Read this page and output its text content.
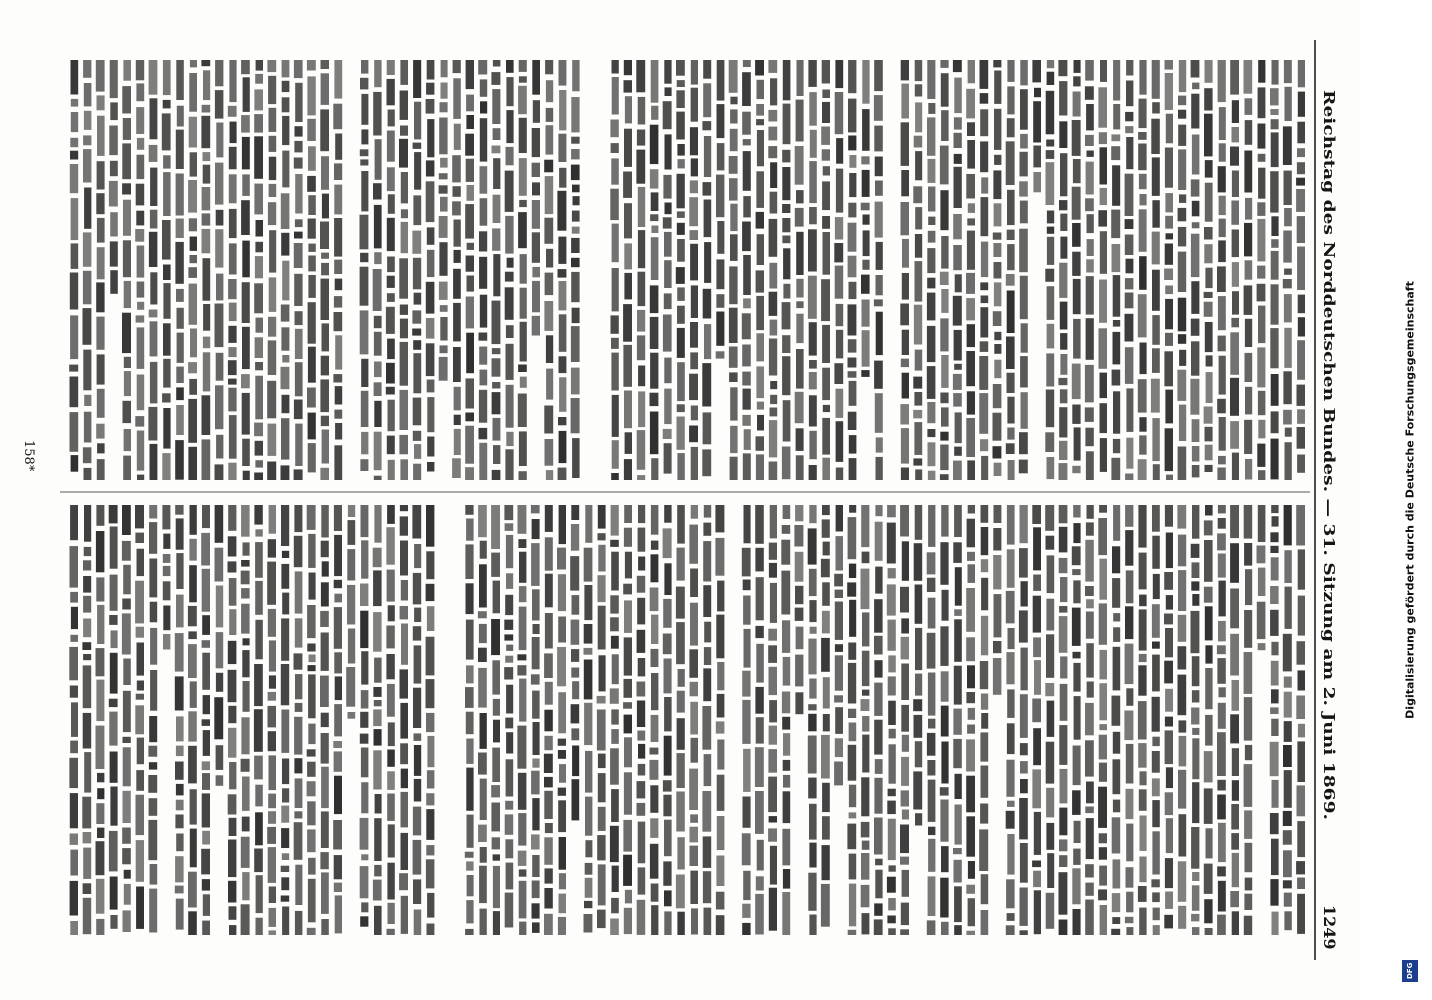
Reichstag des Norddeutschen Bundes. — 31. Sitzung am 2. Juni 1869.
1249
158*	Digitalisierung gefördert durch die Deutsche Forschungsgemeinschaft
DFG
